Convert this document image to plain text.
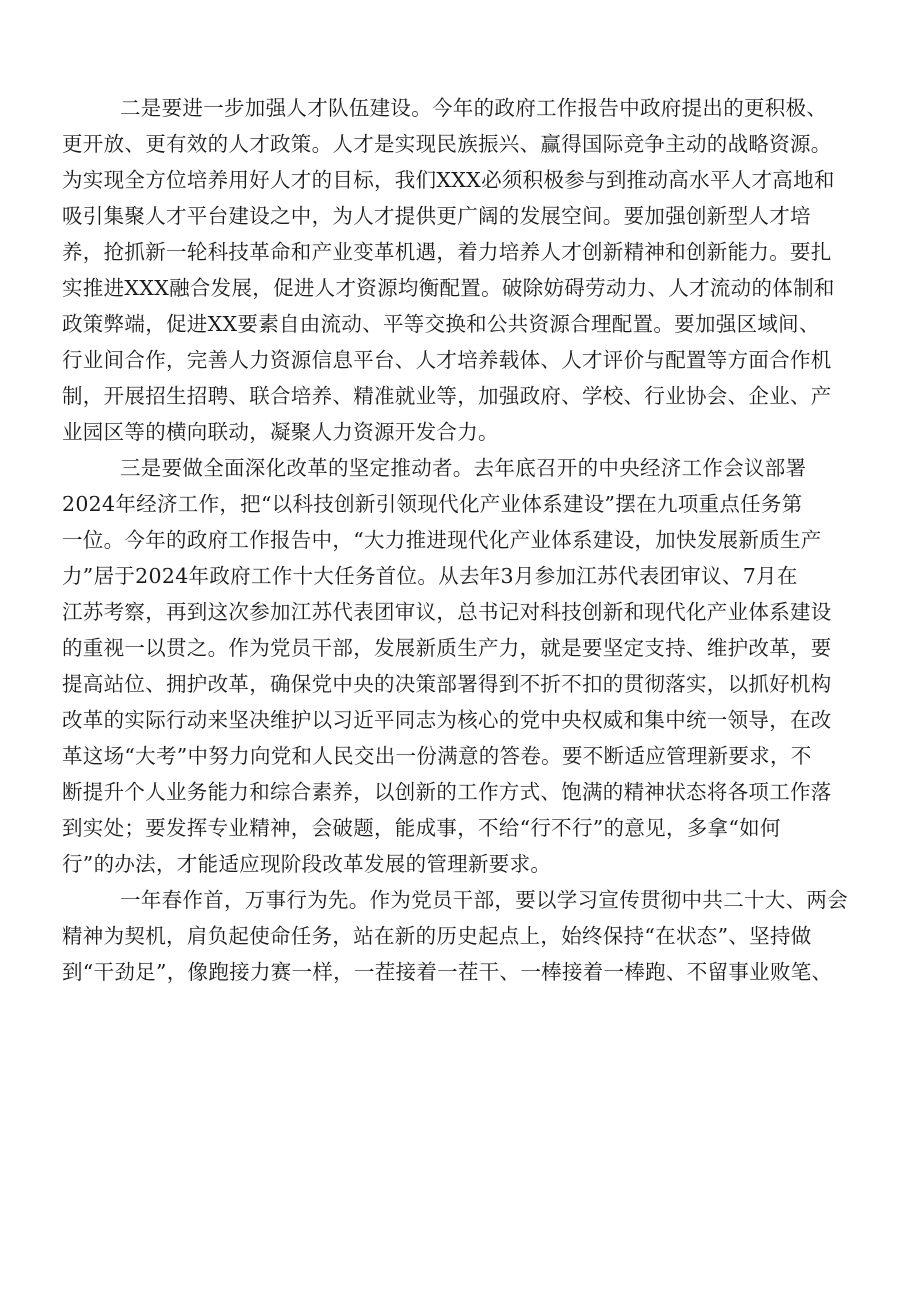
二是要进一步加强人才队伍建设。今年的政府工作报告中政府提出的更积极、
更开放、更有效的人才政策。人才是实现民族振兴、赢得国际竞争主动的战略资源。
为实现全方位培养用好人才的目标，我们XXX必须积极参与到推动高水平人才高地和
吸引集聚人才平台建设之中，为人才提供更广阔的发展空间。要加强创新型人才培
养，抢抓新一轮科技革命和产业变革机遇，着力培养人才创新精神和创新能力。要扎
实推进XXX融合发展，促进人才资源均衡配置。破除妨碍劳动力、人才流动的体制和
政策弊端，促进XX要素自由流动、平等交换和公共资源合理配置。要加强区域间、
行业间合作，完善人力资源信息平台、人才培养载体、人才评价与配置等方面合作机
制，开展招生招聘、联合培养、精准就业等，加强政府、学校、行业协会、企业、产
业园区等的横向联动，凝聚人力资源开发合力。
三是要做全面深化改革的坚定推动者。去年底召开的中央经济工作会议部署
2024年经济工作，把“以科技创新引领现代化产业体系建设”摆在九项重点任务第
一位。今年的政府工作报告中，“大力推进现代化产业体系建设，加快发展新质生产
力”居于2024年政府工作十大任务首位。从去年3月参加江苏代表团审议、7月在
江苏考察，再到这次参加江苏代表团审议，总书记对科技创新和现代化产业体系建设
的重视一以贯之。作为党员干部，发展新质生产力，就是要坚定支持、维护改革，要
提高站位、拥护改革，确保党中央的决策部署得到不折不扣的贯彻落实，以抓好机构
改革的实际行动来坚决维护以习近平同志为核心的党中央权威和集中统一领导，在改
革这场“大考”中努力向党和人民交出一份满意的答卷。要不断适应管理新要求，不
断提升个人业务能力和综合素养，以创新的工作方式、饱满的精神状态将各项工作落
到实处；要发挥专业精神，会破题，能成事，不给“行不行”的意见，多拿“如何
行”的办法，才能适应现阶段改革发展的管理新要求。
一年春作首，万事行为先。作为党员干部，要以学习宣传贯彻中共二十大、两会
精神为契机，肩负起使命任务，站在新的历史起点上，始终保持“在状态”、坚持做
到“干劲足”，像跑接力赛一样，一茬接着一茬干、一棒接着一棒跑、不留事业败笔、
